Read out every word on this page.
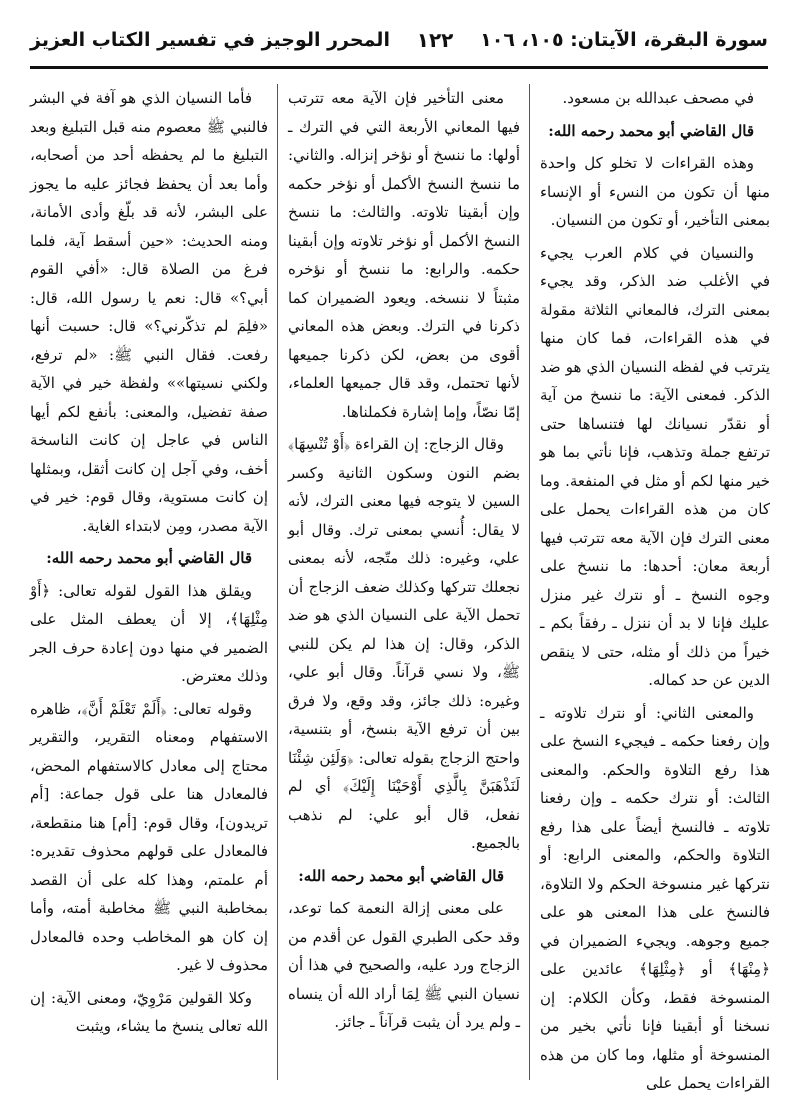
سورة البقرة، الآيتان: ١٠٥، ١٠٦
١٢٢
المحرر الوجيز في تفسير الكتاب العزيز

في مصحف عبدالله بن مسعود.

قال القاضي أبو محمد رحمه الله:

وهذه القراءات لا تخلو كل واحدة منها أن تكون من النسء أو الإنساء بمعنى التأخير، أو تكون من النسيان.

والنسيان في كلام العرب يجيء في الأغلب ضد الذكر، وقد يجيء بمعنى الترك، فالمعاني الثلاثة مقولة في هذه القراءات، فما كان منها يترتب في لفظه النسيان الذي هو ضد الذكر. فمعنى الآية: ما ننسخ من آية أو نقدّر نسيانك لها فتنساها حتى ترتفع جملة وتذهب، فإنا نأتي بما هو خير منها لكم أو مثل في المنفعة. وما كان من هذه القراءات يحمل على معنى الترك فإن الآية معه تترتب فيها أربعة معان: أحدها: ما ننسخ على وجوه النسخ ـ أو نترك غير منزل عليك فإنا لا بد أن ننزل ـ رفقاً بكم ـ خيراً من ذلك أو مثله، حتى لا ينقص الدين عن حد كماله.

والمعنى الثاني: أو نترك تلاوته ـ وإن رفعنا حكمه ـ فيجيء النسخ على هذا رفع التلاوة والحكم. والمعنى الثالث: أو نترك حكمه ـ وإن رفعنا تلاوته ـ فالنسخ أيضاً على هذا رفع التلاوة والحكم، والمعنى الرابع: أو نتركها غير منسوخة الحكم ولا التلاوة، فالنسخ على هذا المعنى هو على جميع وجوهه. ويجيء الضميران في ﴿مِنْهَا﴾ أو ﴿مِثْلِهَا﴾ عائدين على المنسوخة فقط، وكأن الكلام: إن نسخنا أو أبقينا فإنا نأتي بخير من المنسوخة أو مثلها، وما كان من هذه القراءات يحمل على

معنى التأخير فإن الآية معه تترتب فيها المعاني الأربعة التي في الترك ـ أولها: ما ننسخ أو نؤخر إنزاله. والثاني: ما ننسخ النسخ الأكمل أو نؤخر حكمه وإن أبقينا تلاوته. والثالث: ما ننسخ النسخ الأكمل أو نؤخر تلاوته وإن أبقينا حكمه. والرابع: ما ننسخ أو نؤخره مثبتاً لا ننسخه. ويعود الضميران كما ذكرنا في الترك. وبعض هذه المعاني أقوى من بعض، لكن ذكرنا جميعها لأنها تحتمل، وقد قال جميعها العلماء، إمّا نصّاً، وإما إشارة فكملناها.

وقال الزجاج: إن القراءة ﴿أَوْ تُنْسِهَا﴾ بضم النون وسكون الثانية وكسر السين لا يتوجه فيها معنى الترك، لأنه لا يقال: أُنسي بمعنى ترك. وقال أبو علي، وغيره: ذلك متّجه، لأنه بمعنى نجعلك تتركها وكذلك ضعف الزجاج أن تحمل الآية على النسيان الذي هو ضد الذكر، وقال: إن هذا لم يكن للنبي ﷺ، ولا نسي قرآناً. وقال أبو علي، وغيره: ذلك جائز، وقد وقع، ولا فرق بين أن ترفع الآية بنسخ، أو بتنسية، واحتج الزجاج بقوله تعالى: ﴿وَلَئِن شِئْنَا لَنَذْهَبَنَّ بِالَّذِي أَوْحَيْنَا إِلَيْكَ﴾ أي لم نفعل، قال أبو علي: لم نذهب بالجميع.

قال القاضي أبو محمد رحمه الله:

على معنى إزالة النعمة كما توعد، وقد حكى الطبري القول عن أقدم من الزجاج ورد عليه، والصحيح في هذا أن نسيان النبي ﷺ لِمَا أراد الله أن ينساه ـ ولم يرد أن يثبت قرآناً ـ جائز.

فأما النسيان الذي هو آفة في البشر فالنبي ﷺ معصوم منه قبل التبليغ وبعد التبليغ ما لم يحفظه أحد من أصحابه، وأما بعد أن يحفظ فجائز عليه ما يجوز على البشر، لأنه قد بلّغ وأدى الأمانة، ومنه الحديث: «حين أسقط آية، فلما فرغ من الصلاة قال: «أفي القوم أبي؟» قال: نعم يا رسول الله، قال: «فلِمَ لم تذكّرني؟» قال: حسبت أنها رفعت. فقال النبي ﷺ: «لم ترفع، ولكني نسيتها»» ولفظة خير في الآية صفة تفضيل، والمعنى: بأنفع لكم أيها الناس في عاجل إن كانت الناسخة أخف، وفي آجل إن كانت أثقل، وبمثلها إن كانت مستوية، وقال قوم: خير في الآية مصدر، ومِن لابتداء الغاية.

قال القاضي أبو محمد رحمه الله:

ويقلق هذا القول لقوله تعالى: ﴿أَوْ مِثْلِهَا﴾، إلا أن يعطف المثل على الضمير في منها دون إعادة حرف الجر وذلك معترض.

وقوله تعالى: ﴿أَلَمْ تَعْلَمْ أَنَّ﴾، ظاهره الاستفهام ومعناه التقرير، والتقرير محتاج إلى معادل كالاستفهام المحض، فالمعادل هنا على قول جماعة: [أم تريدون]، وقال قوم: [أم] هنا منقطعة، فالمعادل على قولهم محذوف تقديره: أم علمتم، وهذا كله على أن القصد بمخاطبة النبي ﷺ مخاطبة أمته، وأما إن كان هو المخاطب وحده فالمعادل محذوف لا غير.

وكلا القولين مَرْوِيّ، ومعنى الآية: إن الله تعالى ينسخ ما يشاء، ويثبت
